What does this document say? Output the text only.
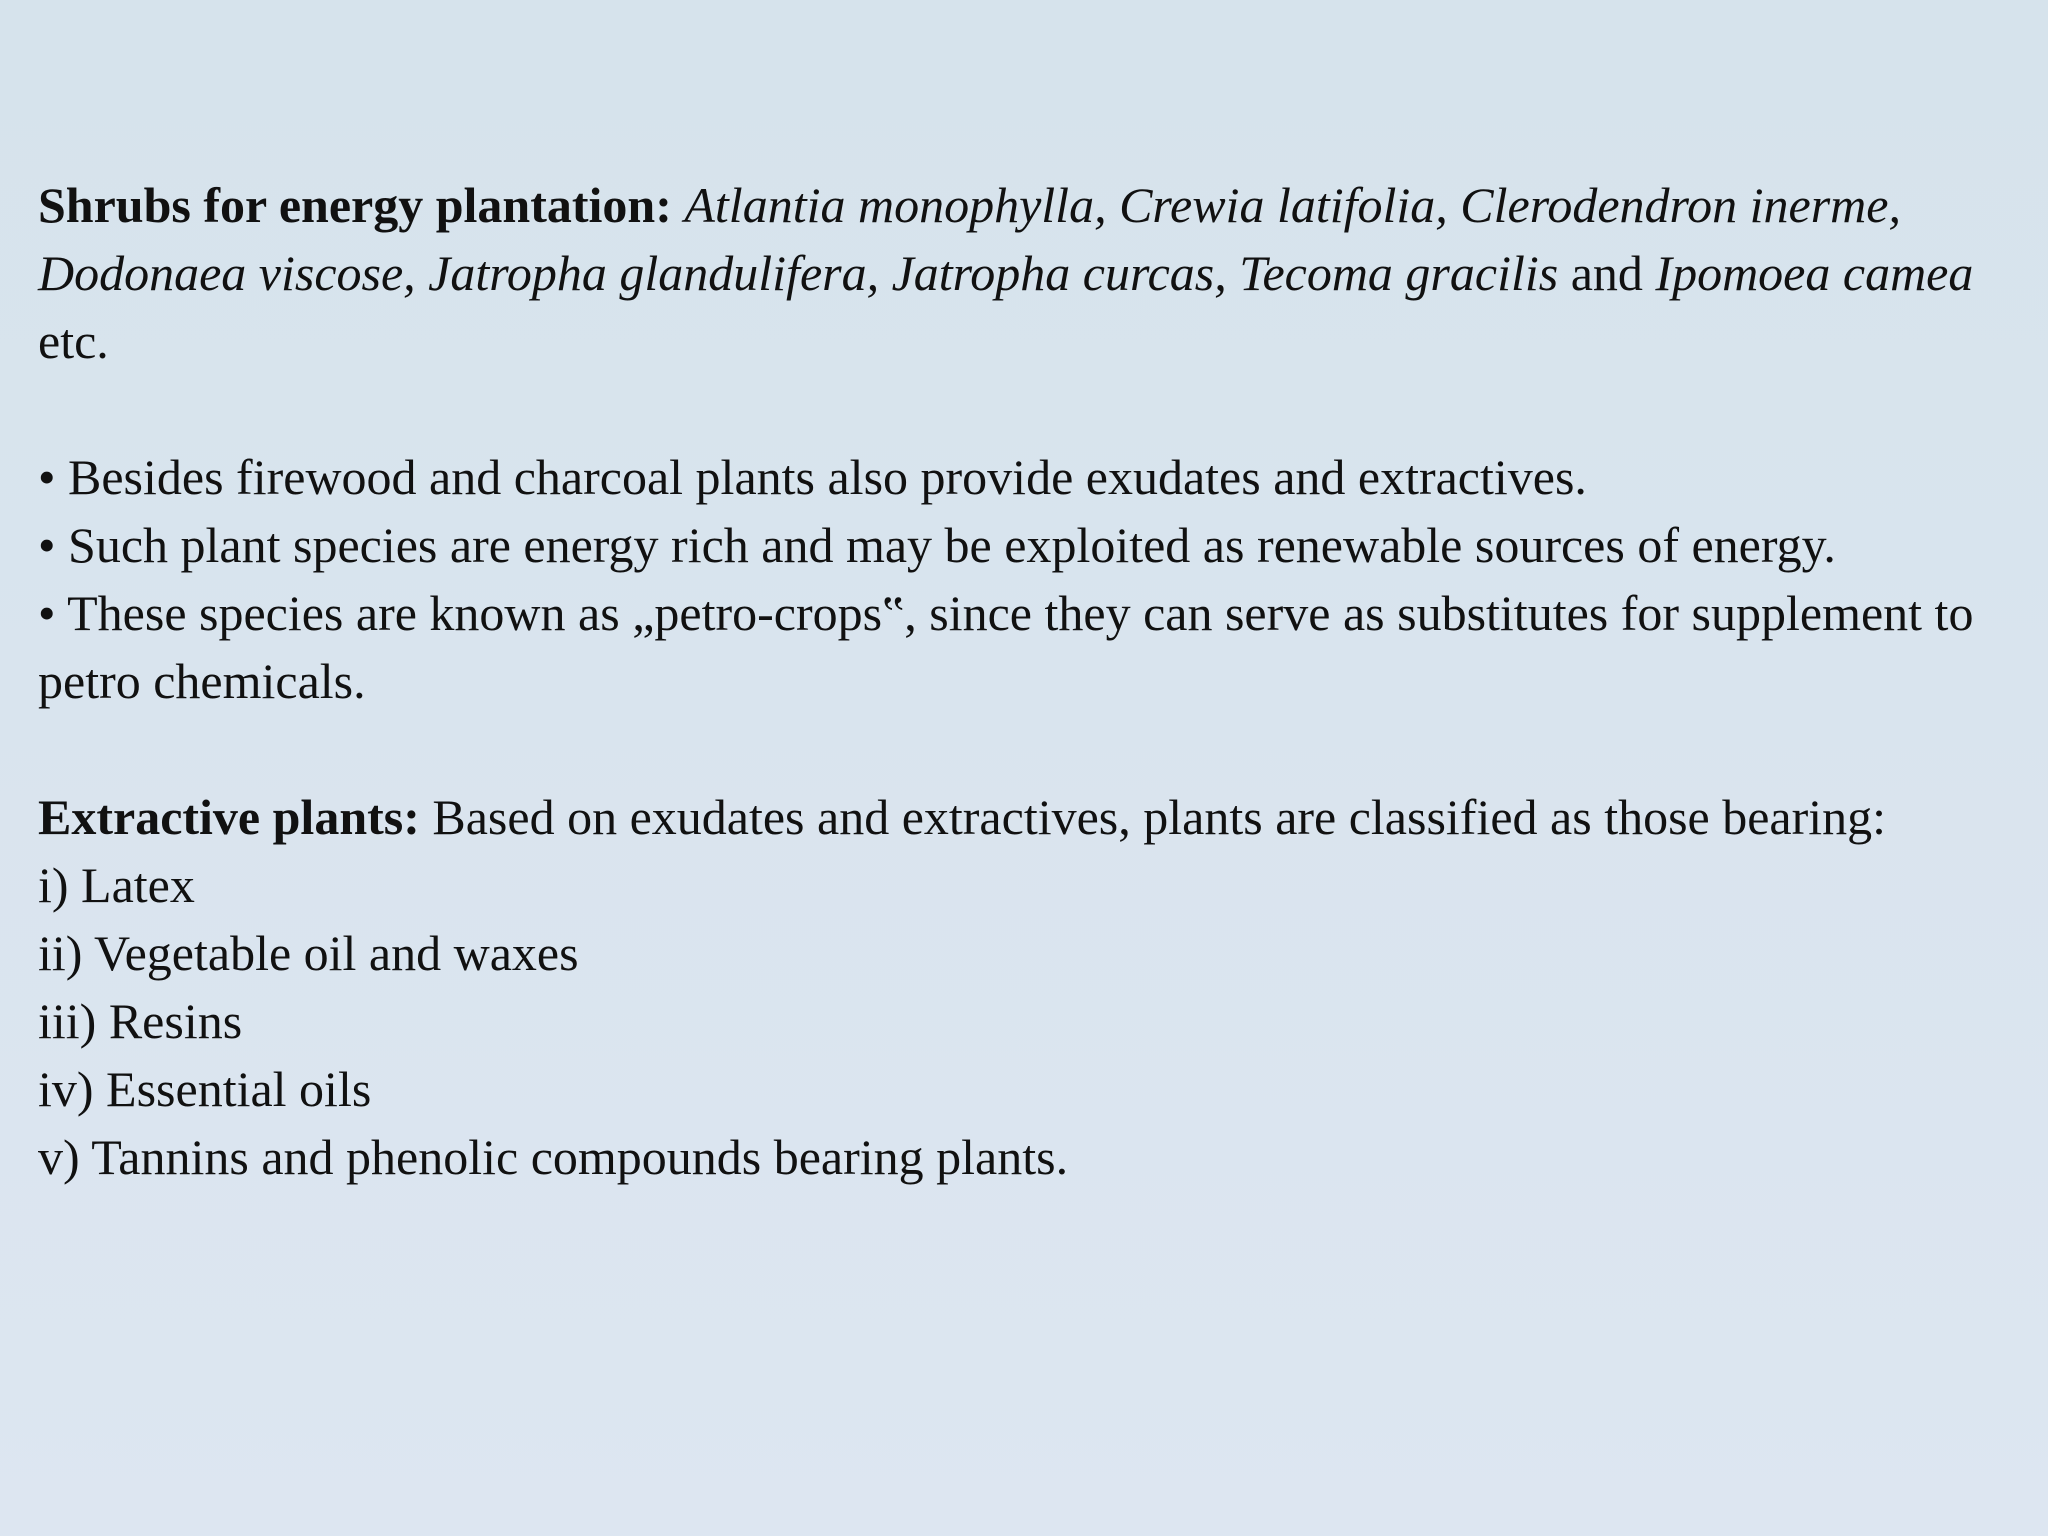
Shrubs for energy plantation: Atlantia monophylla, Crewia latifolia, Clerodendron inerme, Dodonaea viscose, Jatropha glandulifera, Jatropha curcas, Tecoma gracilis and Ipomoea camea etc.

• Besides firewood and charcoal plants also provide exudates and extractives.

• Such plant species are energy rich and may be exploited as renewable sources of energy.

• These species are known as „petro-crops‟, since they can serve as substitutes for supplement to petro chemicals.

Extractive plants: Based on exudates and extractives, plants are classified as those bearing:

i) Latex

ii) Vegetable oil and waxes

iii) Resins

iv) Essential oils

v) Tannins and phenolic compounds bearing plants.
